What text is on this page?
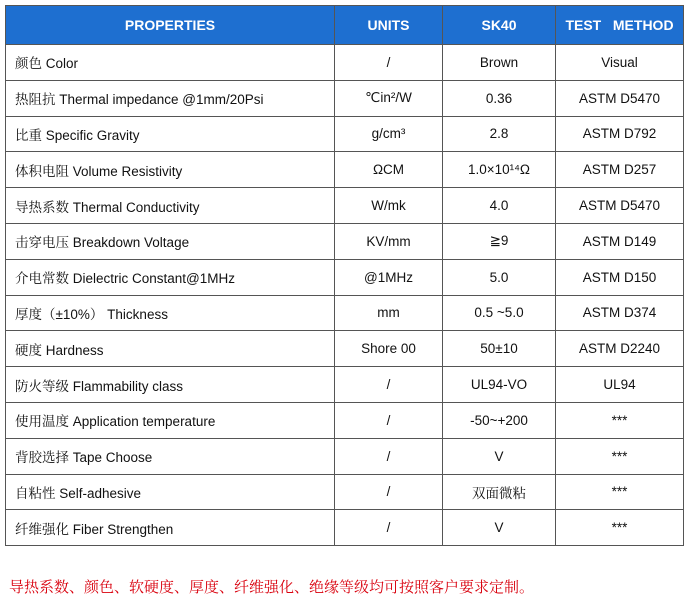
PROPERTIES	UNITS	SK40	TEST   METHOD
颜色 Color	/	Brown	Visual
热阻抗 Thermal impedance @1mm/20Psi	℃in²/W	0.36	ASTM D5470
比重 Specific Gravity	g/cm³	2.8	ASTM D792
体积电阻 Volume Resistivity	ΩCM	1.0×10¹⁴Ω	ASTM D257
导热系数 Thermal Conductivity	W/mk	4.0	ASTM D5470
击穿电压 Breakdown Voltage	KV/mm	≧9	ASTM D149
介电常数 Dielectric Constant@1MHz	@1MHz	5.0	ASTM D150
厚度（±10%） Thickness	mm	0.5 ~5.0	ASTM D374
硬度 Hardness	Shore 00	50±10	ASTM D2240
防火等级 Flammability class	/	UL94-VO	UL94
使用温度 Application temperature	/	-50~+200	***
背胶选择 Tape Choose	/	V	***
自粘性 Self-adhesive	/	双面微粘	***
纤维强化 Fiber Strengthen	/	V	***
导热系数、颜色、软硬度、厚度、纤维强化、绝缘等级均可按照客户要求定制。
